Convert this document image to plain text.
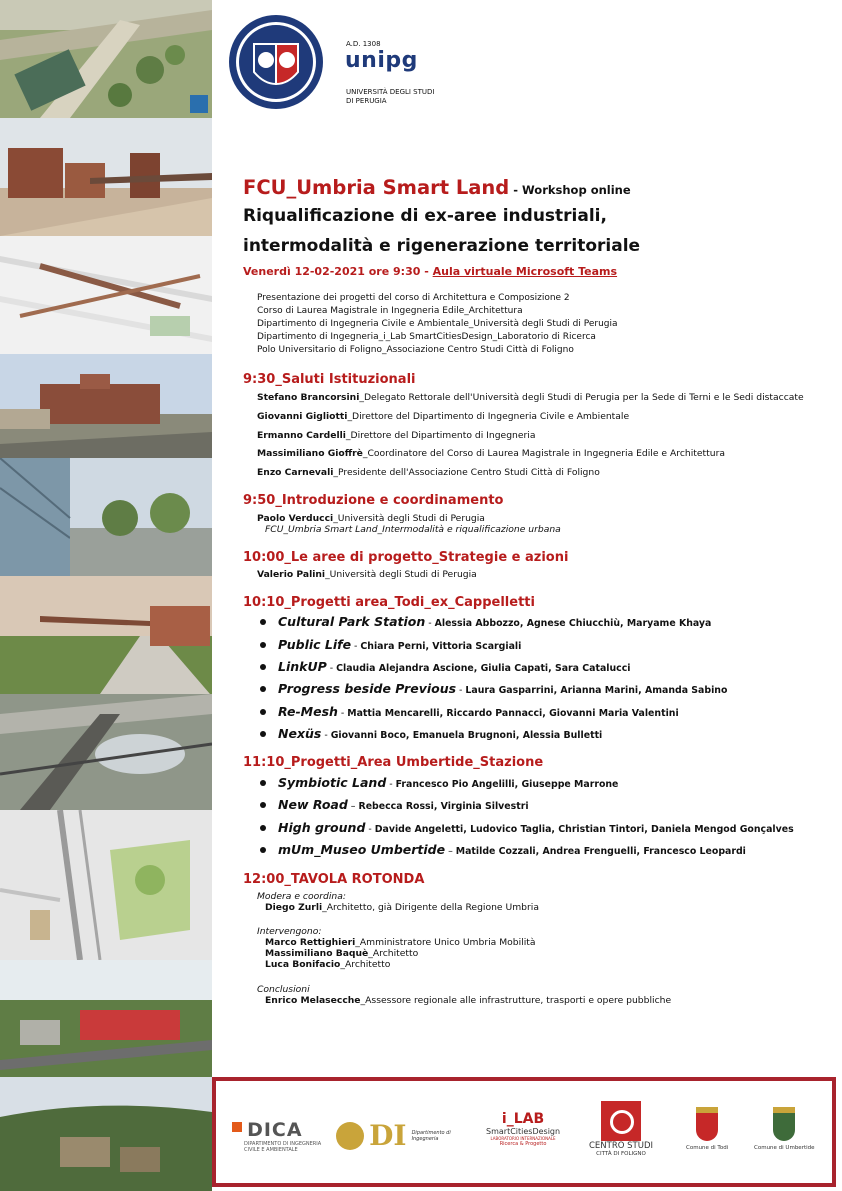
A.D. 1308
unipg
UNIVERSITÀ DEGLI STUDI
DI PERUGIA
FCU_Umbria Smart Land - Workshop online
Riqualificazione di ex-aree industriali,
intermodalità e rigenerazione territoriale
Venerdì 12-02-2021 ore 9:30 - Aula virtuale Microsoft Teams
Presentazione dei progetti del corso di Architettura e Composizione 2
Corso di Laurea Magistrale in Ingegneria Edile_Architettura
Dipartimento di Ingegneria Civile e Ambientale_Università degli Studi di Perugia
Dipartimento di Ingegneria_i_Lab SmartCitiesDesign_Laboratorio di Ricerca
Polo Universitario di Foligno_Associazione Centro Studi Città di Foligno
9:30_Saluti Istituzionali
Stefano Brancorsini_Delegato Rettorale dell'Università degli Studi di Perugia per la Sede di Terni e le Sedi distaccate
Giovanni Gigliotti_Direttore del Dipartimento di Ingegneria Civile e Ambientale
Ermanno Cardelli_Direttore del Dipartimento di Ingegneria
Massimiliano Gioffrè_Coordinatore del Corso di Laurea Magistrale in Ingegneria Edile e Architettura
Enzo Carnevali_Presidente dell'Associazione Centro Studi Città di Foligno
9:50_Introduzione e coordinamento
Paolo Verducci_Università degli Studi di Perugia
FCU_Umbria Smart Land_Intermodalità e riqualificazione urbana
10:00_Le aree di progetto_Strategie e azioni
Valerio Palini_Università degli Studi di Perugia
10:10_Progetti area_Todi_ex_Cappelletti
Cultural Park Station - Alessia Abbozzo, Agnese Chiucchiù, Maryame Khaya
Public Life - Chiara Perni, Vittoria Scargiali
LinkUP - Claudia Alejandra Ascione, Giulia Capati, Sara Catalucci
Progress beside Previous - Laura Gasparrini, Arianna Marini, Amanda Sabino
Re-Mesh - Mattia Mencarelli, Riccardo Pannacci, Giovanni Maria Valentini
Nexüs - Giovanni Boco, Emanuela Brugnoni, Alessia Bulletti
11:10_Progetti_Area Umbertide_Stazione
Symbiotic Land - Francesco Pio Angelilli, Giuseppe Marrone
New Road – Rebecca Rossi, Virginia Silvestri
High ground - Davide Angeletti, Ludovico Taglia, Christian Tintori, Daniela Mengod Gonçalves
mUm_Museo Umbertide – Matilde Cozzali, Andrea Frenguelli, Francesco Leopardi
12:00_TAVOLA ROTONDA
Modera e coordina:
Diego Zurli_Architetto, già Dirigente della Regione Umbria
Intervengono:
Marco Rettighieri_Amministratore Unico Umbria Mobilità
Massimiliano Baquè_Architetto
Luca Bonifacio_Architetto
Conclusioni
Enrico Melasecche_Assessore regionale alle infrastrutture, trasporti e opere pubbliche
DICA
DIPARTIMENTO DI INGEGNERIA
CIVILE E AMBIENTALE	DI Dipartimento di
Ingegneria
i_LAB
SmartCitiesDesign
LABORATORIO INTERNAZIONALE
Ricerca & Progetto	CENTRO STUDI
CITTÀ DI FOLIGNO
Comune di Todi	Comune di Umbertide
